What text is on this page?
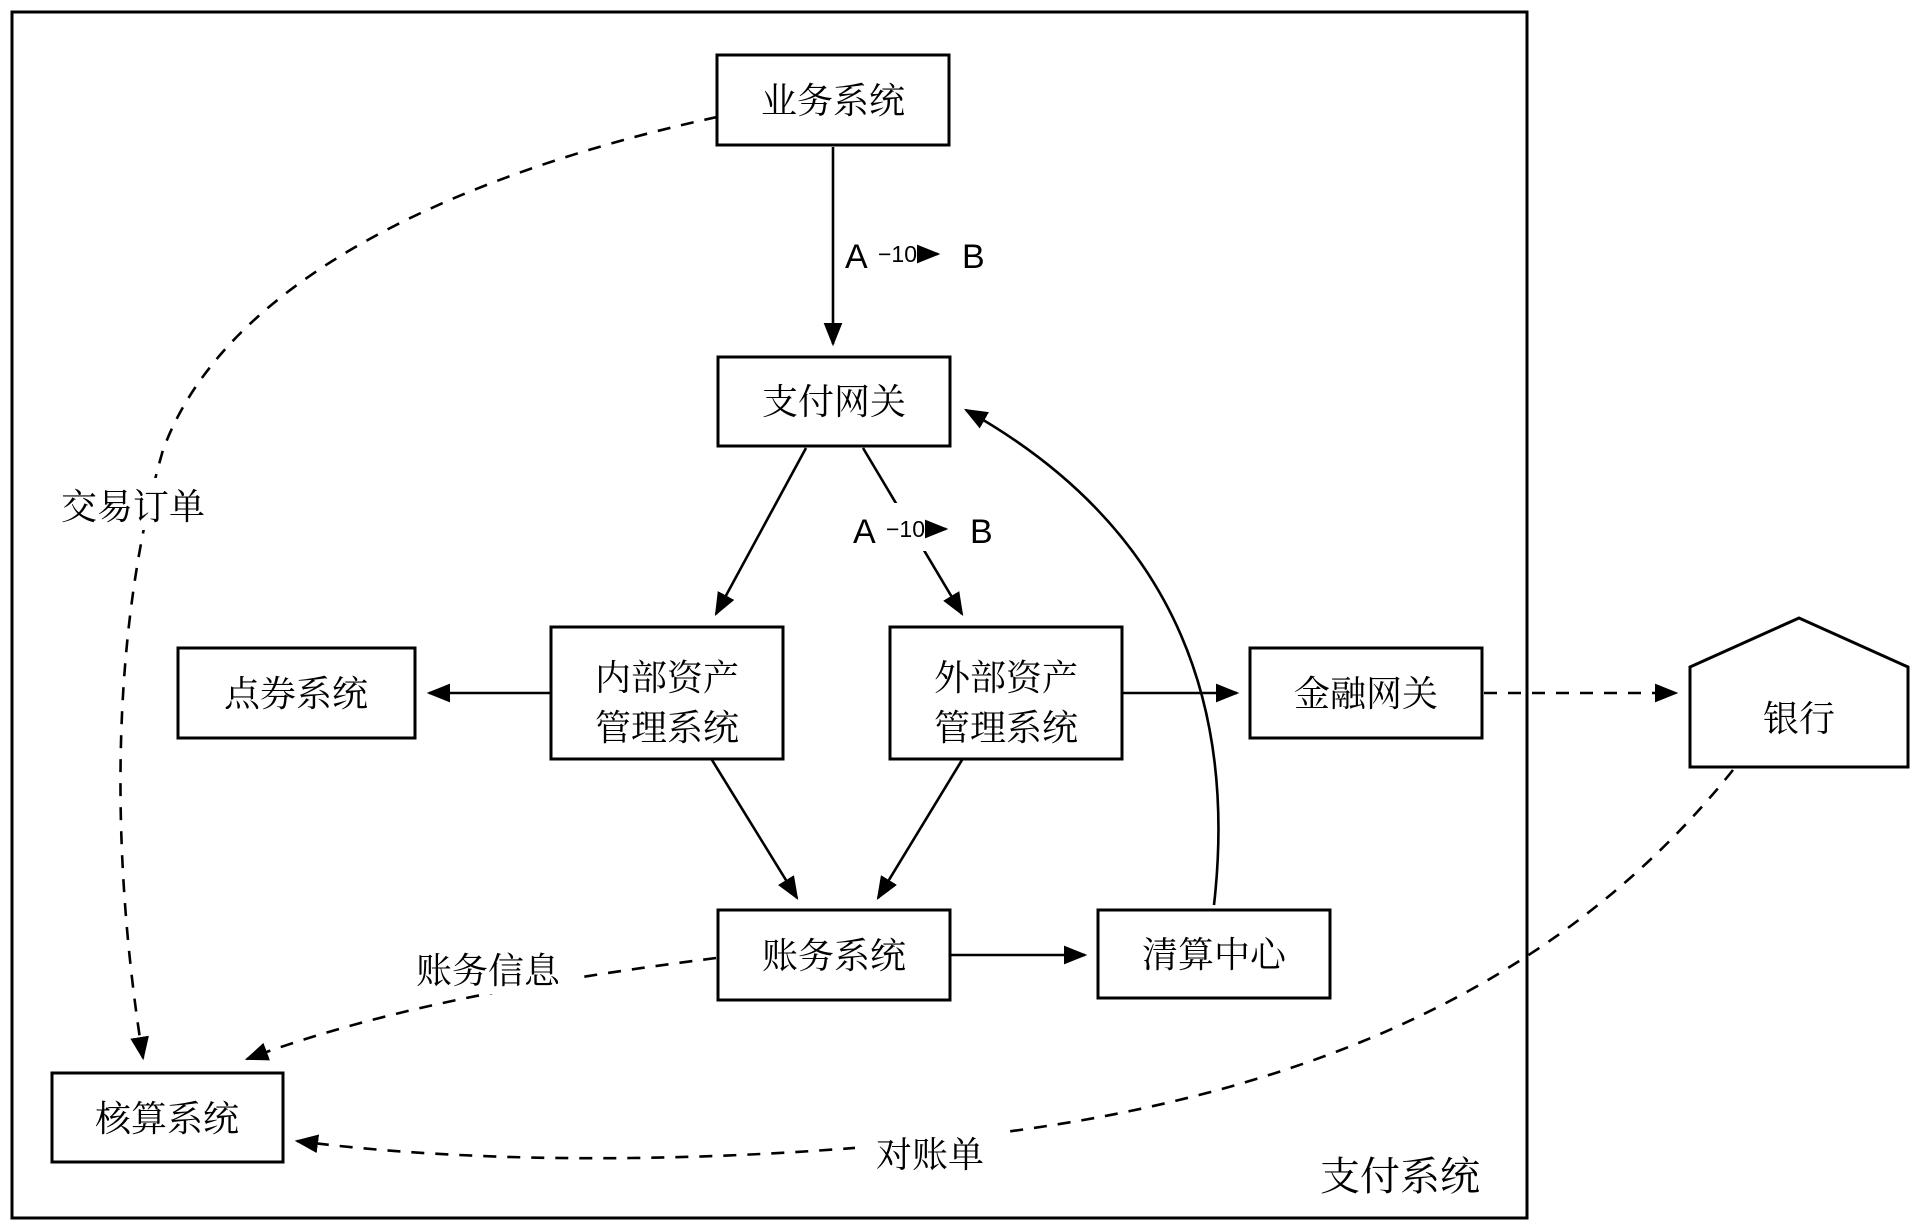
A −10 B
A −10 B
交易订单
账务信息
对账单
业务系统
支付网关
内部资产
管理系统
外部资产
管理系统
点券系统	金融网关
账务系统	清算中心
核算系统
银行
支付系统
